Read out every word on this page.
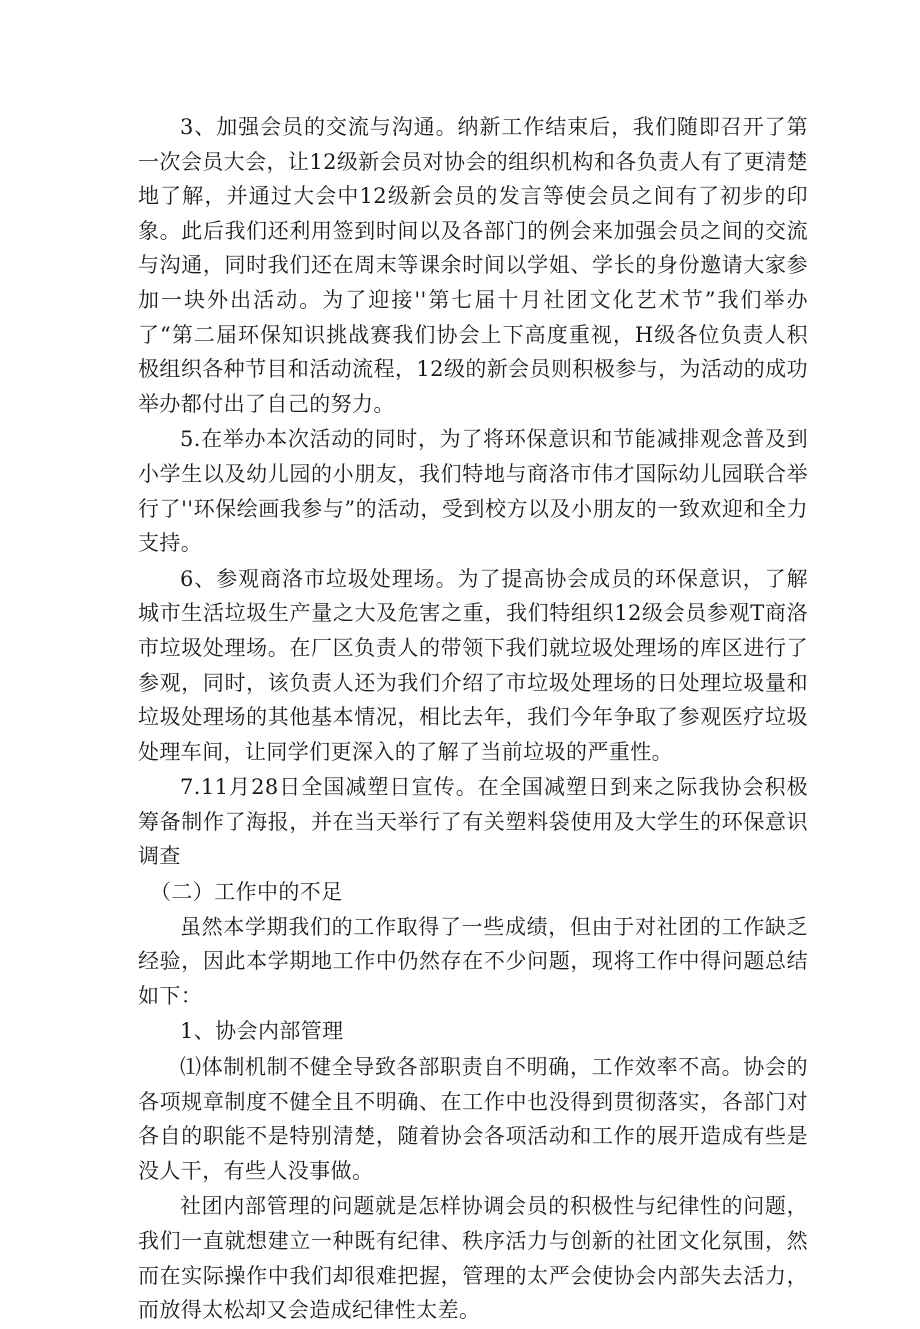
3、加强会员的交流与沟通。纳新工作结束后，我们随即召开了第一次会员大会，让12级新会员对协会的组织机构和各负责人有了更清楚地了解，并通过大会中12级新会员的发言等使会员之间有了初步的印象。此后我们还利用签到时间以及各部门的例会来加强会员之间的交流与沟通，同时我们还在周末等课余时间以学姐、学长的身份邀请大家参加一块外出活动。为了迎接''第七届十月社团文化艺术节”我们举办了“第二届环保知识挑战赛我们协会上下高度重视，H级各位负责人积极组织各种节目和活动流程，12级的新会员则积极参与，为活动的成功举办都付出了自己的努力。

5.在举办本次活动的同时，为了将环保意识和节能减排观念普及到小学生以及幼儿园的小朋友，我们特地与商洛市伟才国际幼儿园联合举行了''环保绘画我参与”的活动，受到校方以及小朋友的一致欢迎和全力支持。

6、参观商洛市垃圾处理场。为了提高协会成员的环保意识，了解城市生活垃圾生产量之大及危害之重，我们特组织12级会员参观T商洛市垃圾处理场。在厂区负责人的带领下我们就垃圾处理场的库区进行了参观，同时，该负责人还为我们介绍了市垃圾处理场的日处理垃圾量和垃圾处理场的其他基本情况，相比去年，我们今年争取了参观医疗垃圾处理车间，让同学们更深入的了解了当前垃圾的严重性。

7.11月28日全国减塑日宣传。在全国减塑日到来之际我协会积极筹备制作了海报，并在当天举行了有关塑料袋使用及大学生的环保意识调查

（二）工作中的不足

虽然本学期我们的工作取得了一些成绩，但由于对社团的工作缺乏经验，因此本学期地工作中仍然存在不少问题，现将工作中得问题总结如下：

1、协会内部管理

⑴体制机制不健全导致各部职责自不明确，工作效率不高。协会的各项规章制度不健全且不明确、在工作中也没得到贯彻落实，各部门对各自的职能不是特别清楚，随着协会各项活动和工作的展开造成有些是没人干，有些人没事做。

社团内部管理的问题就是怎样协调会员的积极性与纪律性的问题，我们一直就想建立一种既有纪律、秩序活力与创新的社团文化氛围，然而在实际操作中我们却很难把握，管理的太严会使协会内部失去活力，而放得太松却又会造成纪律性太差。
